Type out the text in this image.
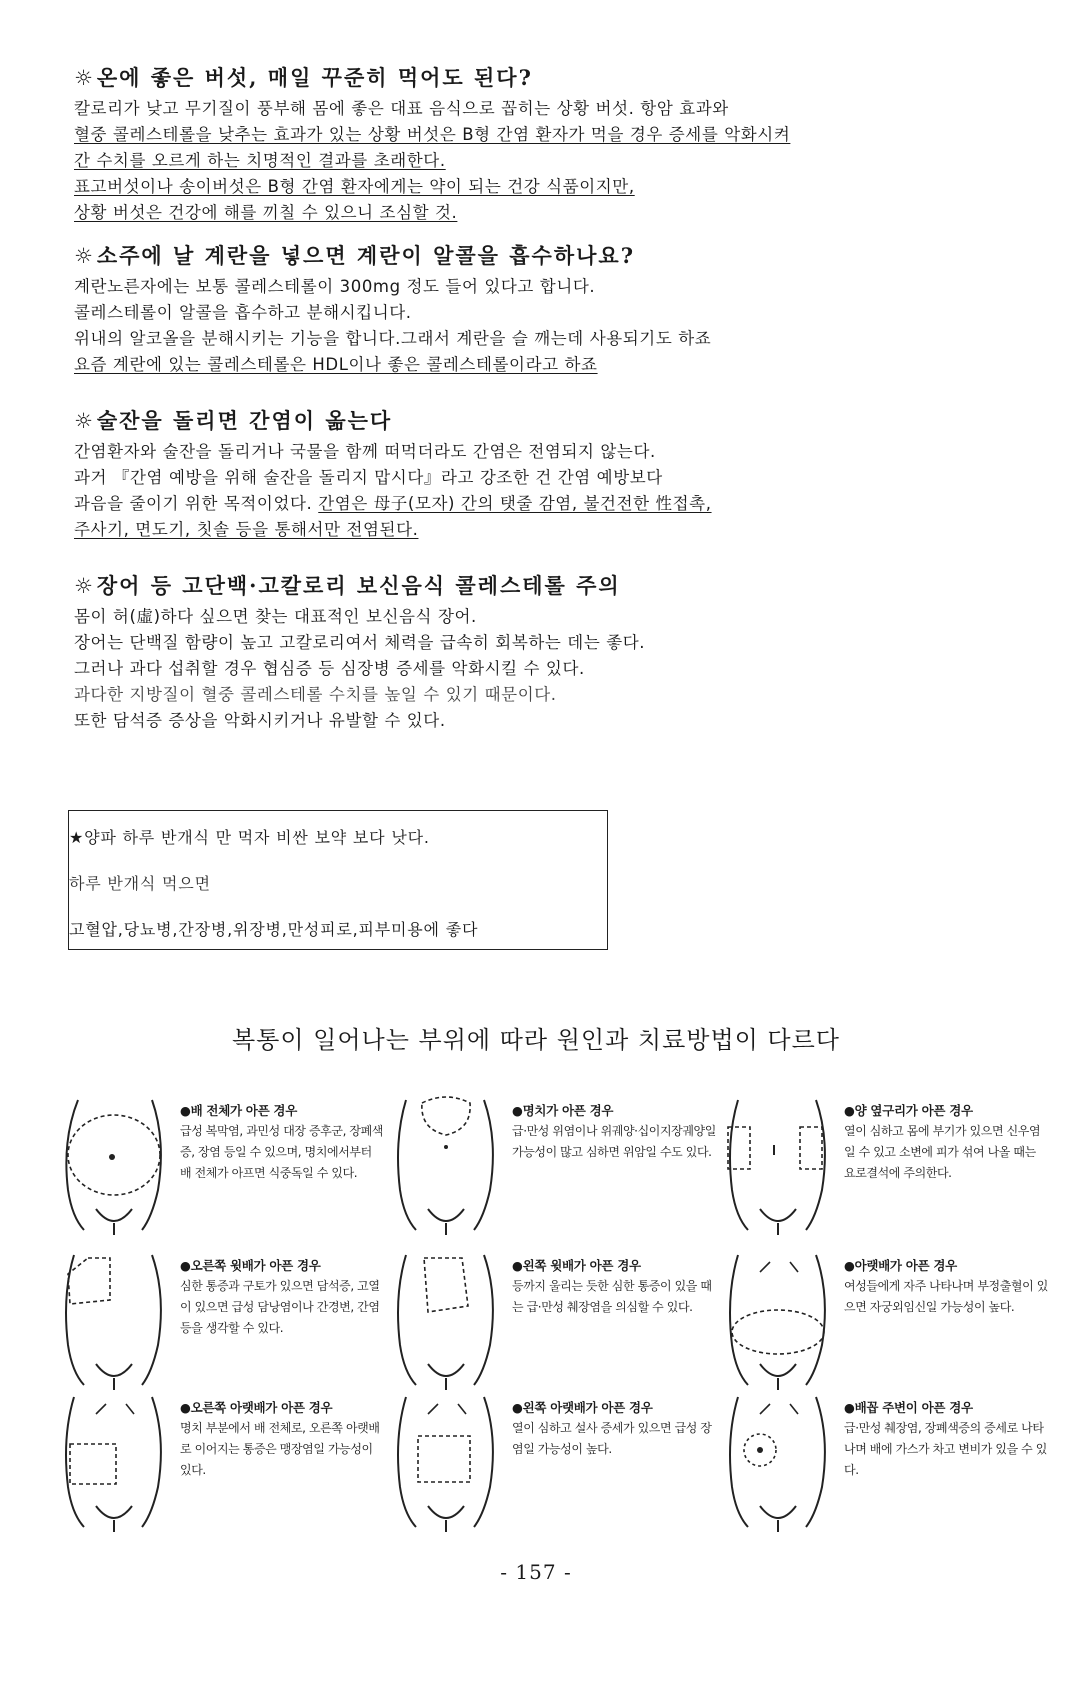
☼온에 좋은 버섯, 매일 꾸준히 먹어도 된다?

칼로리가 낮고 무기질이 풍부해 몸에 좋은 대표 음식으로 꼽히는 상황 버섯. 항암 효과와

혈중 콜레스테롤을 낮추는 효과가 있는 상황 버섯은 B형 간염 환자가 먹을 경우 증세를 악화시켜

간 수치를 오르게 하는 치명적인 결과를 초래한다.

표고버섯이나 송이버섯은 B형 간염 환자에게는 약이 되는 건강 식품이지만,

상황 버섯은 건강에 해를 끼칠 수 있으니 조심할 것.

☼소주에 날 계란을 넣으면 계란이 알콜을 흡수하나요?

계란노른자에는 보통 콜레스테롤이 300mg 정도 들어 있다고 합니다.

콜레스테롤이 알콜을 흡수하고 분해시킵니다.

위내의 알코올을 분해시키는 기능을 합니다.그래서 계란을 슬 깨는데 사용되기도 하죠

요즘 계란에 있는 콜레스테롤은 HDL이나 좋은 콜레스테롤이라고 하죠

☼술잔을 돌리면 간염이 옮는다

간염환자와 술잔을 돌리거나 국물을 함께 떠먹더라도 간염은 전염되지 않는다.

과거 『간염 예방을 위해 술잔을 돌리지 맙시다』라고 강조한 건 간염 예방보다

과음을 줄이기 위한 목적이었다. 간염은 母子(모자) 간의 탯줄 감염, 불건전한 性접촉,

주사기, 면도기, 칫솔 등을 통해서만 전염된다.

☼장어 등 고단백·고칼로리 보신음식 콜레스테롤 주의

몸이 허(虛)하다 싶으면 찾는 대표적인 보신음식 장어.

장어는 단백질 함량이 높고 고칼로리여서 체력을 급속히 회복하는 데는 좋다.

그러나 과다 섭취할 경우 협심증 등 심장병 증세를 악화시킬 수 있다.

과다한 지방질이 혈중 콜레스테롤 수치를 높일 수 있기 때문이다.

또한 담석증 증상을 악화시키거나 유발할 수 있다.

★양파 하루 반개식 만 먹자 비싼 보약 보다 낫다.
하루 반개식 먹으면
고혈압,당뇨병,간장병,위장병,만성피로,피부미용에 좋다
복통이 일어나는 부위에 따라 원인과 치료방법이 다르다
●배 전체가 아픈 경우
급성 복막염, 과민성 대장 증후군, 장폐색증, 장염 등일 수 있으며, 명치에서부터 배 전체가 아프면 식중독일 수 있다.
●명치가 아픈 경우
급·만성 위염이나 위궤양·십이지장궤양일 가능성이 많고 심하면 위암일 수도 있다.
●양 옆구리가 아픈 경우
열이 심하고 몸에 부기가 있으면 신우염일 수 있고 소변에 피가 섞여 나올 때는 요로결석에 주의한다.
●오른쪽 윗배가 아픈 경우
심한 통증과 구토가 있으면 담석증, 고열이 있으면 급성 담낭염이나 간경변, 간염 등을 생각할 수 있다.
●왼쪽 윗배가 아픈 경우
등까지 울리는 듯한 심한 통증이 있을 때는 급·만성 췌장염을 의심할 수 있다.
●아랫배가 아픈 경우
여성들에게 자주 나타나며 부정출혈이 있으면 자궁외임신일 가능성이 높다.
●오른쪽 아랫배가 아픈 경우
명치 부분에서 배 전체로, 오른쪽 아랫배로 이어지는 통증은 맹장염일 가능성이 있다.
●왼쪽 아랫배가 아픈 경우
열이 심하고 설사 증세가 있으면 급성 장염일 가능성이 높다.
●배꼽 주변이 아픈 경우
급·만성 췌장염, 장폐색증의 증세로 나타나며 배에 가스가 차고 변비가 있을 수 있다.
- 157 -
